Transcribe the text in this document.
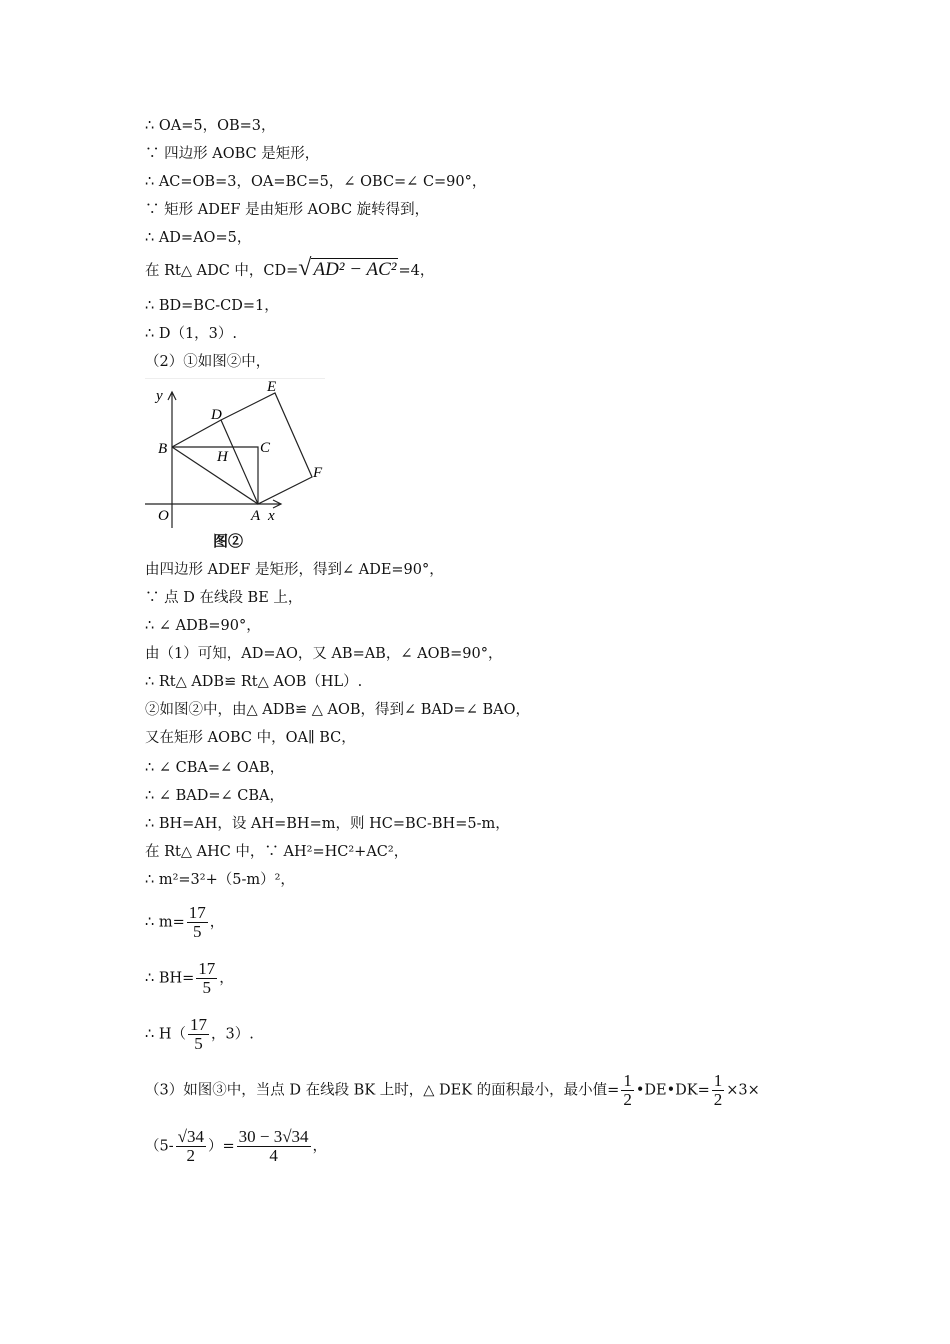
∴ OA=5，OB=3，
∵ 四边形 AOBC 是矩形，
∴ AC=OB=3，OA=BC=5，∠ OBC=∠ C=90°，
∵ 矩形 ADEF 是由矩形 AOBC 旋转得到，
∴ AD=AO=5，
在 Rt△ ADC 中，CD=√ AD² − AC² =4，
∴ BD=BC-CD=1，
∴ D（1，3）.
（2）①如图②中，
y
B
O	A x
C
D
E
F
H
图②
由四边形 ADEF 是矩形，得到∠ ADE=90°，
∵ 点 D 在线段 BE 上，
∴ ∠ ADB=90°，
由（1）可知，AD=AO，又 AB=AB，∠ AOB=90°，
∴ Rt△ ADB≌ Rt△ AOB（HL）.
②如图②中，由△ ADB≌ △ AOB，得到∠ BAD=∠ BAO，
又在矩形 AOBC 中，OA∥ BC，
∴ ∠ CBA=∠ OAB，
∴ ∠ BAD=∠ CBA，
∴ BH=AH，设 AH=BH=m，则 HC=BC-BH=5-m，
在 Rt△ AHC 中，∵ AH²=HC²+AC²，
∴ m²=3²+（5-m）²，
∴ $m= \frac{17}{5}$ ，
∴ $BH= \frac{17}{5}$ ，
∴ $H( \frac{17}{5}$ ，3）.
（3）如图③中，当点 D 在线段 BK 上时，△ DEK 的面积最小，最小值= $\frac{1}{2}$ •DE•DK= $\frac{1}{2} \times 3\times$
（$5- \frac{√34}{2}$ ）= $\frac{30 - 3√34}{4}$ ，
